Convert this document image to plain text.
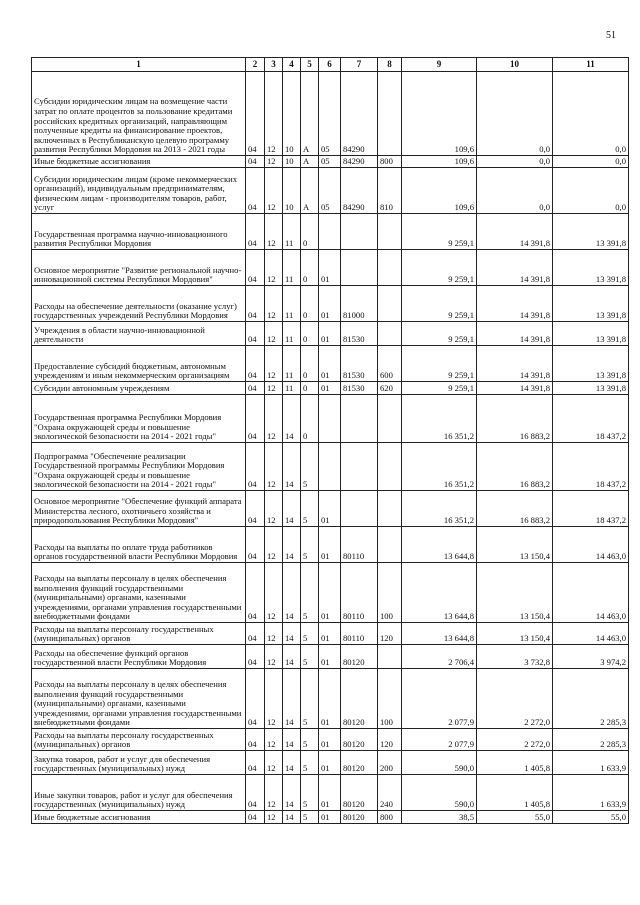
51
1	2	3	4	5	6	7	8	9	10	11
Субсидии юридическим лицам на возмещение части затрат по оплате процентов за пользование кредитами российских кредитных организаций, направляющим полученные кредиты на финансирование проектов, включенных в Республиканскую целевую программу развития Республики Мордовия на 2013 - 2021 годы	04	12	10	А	05	84290		109,6	0,0	0,0
Иные бюджетные ассигнования	04	12	10	А	05	84290	800	109,6	0,0	0,0
Субсидии юридическим лицам (кроме некоммерческих организаций), индивидуальным предпринимателям, физическим лицам - производителям товаров, работ, услуг	04	12	10	А	05	84290	810	109,6	0,0	0,0
Государственная программа научно-инновационного развития Республики Мордовия	04	12	11	0				9 259,1	14 391,8	13 391,8
Основное мероприятие "Развитие региональной научно-инновационной системы Республики Мордовия"	04	12	11	0	01			9 259,1	14 391,8	13 391,8
Расходы на обеспечение деятельности (оказание услуг) государственных учреждений Республики Мордовия	04	12	11	0	01	81000		9 259,1	14 391,8	13 391,8
Учреждения в области научно-инновационной деятельности	04	12	11	0	01	81530		9 259,1	14 391,8	13 391,8
Предоставление субсидий бюджетным, автономным учреждениям и иным некоммерческим организациям	04	12	11	0	01	81530	600	9 259,1	14 391,8	13 391,8
Субсидии автономным учреждениям	04	12	11	0	01	81530	620	9 259,1	14 391,8	13 391,8
Государственная программа Республики Мордовия "Охрана окружающей среды и повышение экологической безопасности на 2014 - 2021 годы"	04	12	14	0				16 351,2	16 883,2	18 437,2
Подпрограмма "Обеспечение реализации Государственной программы Республики Мордовия "Охрана окружающей среды и повышение экологической безопасности на 2014 - 2021 годы"	04	12	14	5				16 351,2	16 883,2	18 437,2
Основное мероприятие "Обеспечение функций аппарата Министерства лесного, охотничьего хозяйства и природопользования Республики Мордовия"	04	12	14	5	01			16 351,2	16 883,2	18 437,2
Расходы на выплаты по оплате труда работников органов государственной власти Республики Мордовия	04	12	14	5	01	80110		13 644,8	13 150,4	14 463,0
Расходы на выплаты персоналу в целях обеспечения выполнения функций государственными (муниципальными) органами, казенными учреждениями, органами управления государственными внебюджетными фондами	04	12	14	5	01	80110	100	13 644,8	13 150,4	14 463,0
Расходы на выплаты персоналу государственных (муниципальных) органов	04	12	14	5	01	80110	120	13 644,8	13 150,4	14 463,0
Расходы на обеспечение функций органов государственной власти Республики Мордовия	04	12	14	5	01	80120		2 706,4	3 732,8	3 974,2
Расходы на выплаты персоналу в целях обеспечения выполнения функций государственными (муниципальными) органами, казенными учреждениями, органами управления государственными внебюджетными фондами	04	12	14	5	01	80120	100	2 077,9	2 272,0	2 285,3
Расходы на выплаты персоналу государственных (муниципальных) органов	04	12	14	5	01	80120	120	2 077,9	2 272,0	2 285,3
Закупка товаров, работ и услуг для обеспечения государственных (муниципальных) нужд	04	12	14	5	01	80120	200	590,0	1 405,8	1 633,9
Иные закупки товаров, работ и услуг для обеспечения государственных (муниципальных) нужд	04	12	14	5	01	80120	240	590,0	1 405,8	1 633,9
Иные бюджетные ассигнования	04	12	14	5	01	80120	800	38,5	55,0	55,0
